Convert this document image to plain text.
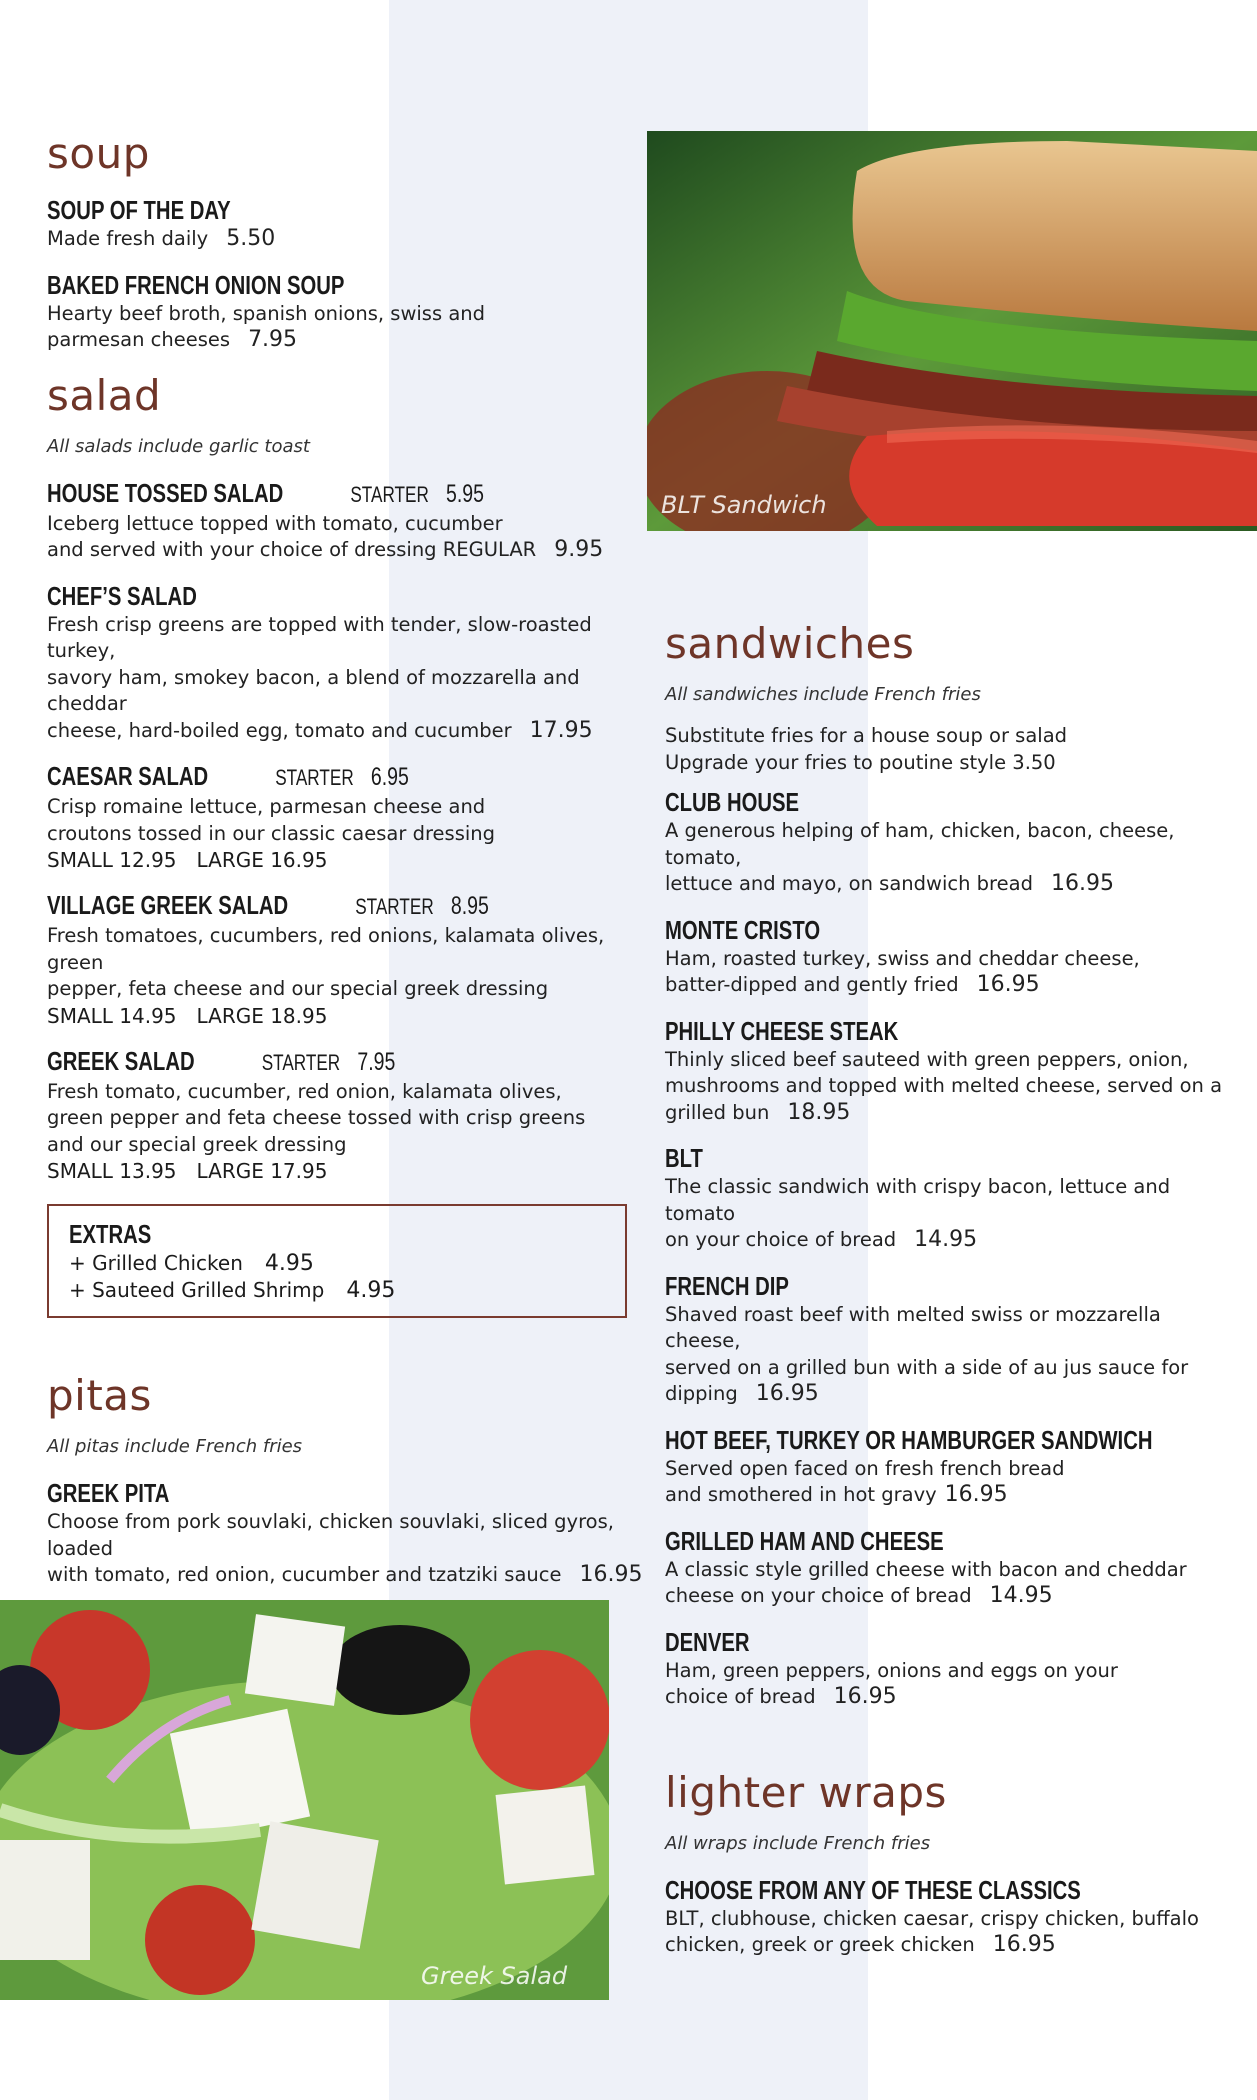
BLT Sandwich
Greek Salad
soup
SOUP OF THE DAY
Made fresh daily 5.50
BAKED FRENCH ONION SOUP
Hearty beef broth, spanish onions, swiss and
parmesan cheeses 7.95
salad
All salads include garlic toast
HOUSE TOSSED SALAD	STARTER 5.95
Iceberg lettuce topped with tomato, cucumber
and served with your choice of dressing REGULAR 9.95
CHEF’S SALAD
Fresh crisp greens are topped with tender, slow-roasted turkey,
savory ham, smokey bacon, a blend of mozzarella and cheddar
cheese, hard-boiled egg, tomato and cucumber 17.95
CAESAR SALAD	STARTER 6.95
Crisp romaine lettuce, parmesan cheese and
croutons tossed in our classic caesar dressing
SMALL 12.95 LARGE 16.95
VILLAGE GREEK SALAD	STARTER 8.95
Fresh tomatoes, cucumbers, red onions, kalamata olives, green
pepper, feta cheese and our special greek dressing
SMALL 14.95 LARGE 18.95
GREEK SALAD	STARTER 7.95
Fresh tomato, cucumber, red onion, kalamata olives,
green pepper and feta cheese tossed with crisp greens
and our special greek dressing
SMALL 13.95 LARGE 17.95
EXTRAS
+ Grilled Chicken 4.95
+ Sauteed Grilled Shrimp 4.95
pitas
All pitas include French fries
GREEK PITA
Choose from pork souvlaki, chicken souvlaki, sliced gyros, loaded
with tomato, red onion, cucumber and tzatziki sauce 16.95
sandwiches
All sandwiches include French fries
Substitute fries for a house soup or salad
Upgrade your fries to poutine style 3.50
CLUB HOUSE
A generous helping of ham, chicken, bacon, cheese, tomato,
lettuce and mayo, on sandwich bread 16.95
MONTE CRISTO
Ham, roasted turkey, swiss and cheddar cheese,
batter-dipped and gently fried 16.95
PHILLY CHEESE STEAK
Thinly sliced beef sauteed with green peppers, onion,
mushrooms and topped with melted cheese, served on a
grilled bun 18.95
BLT
The classic sandwich with crispy bacon, lettuce and tomato
on your choice of bread 14.95
FRENCH DIP
Shaved roast beef with melted swiss or mozzarella cheese,
served on a grilled bun with a side of au jus sauce for
dipping 16.95
HOT BEEF, TURKEY OR HAMBURGER SANDWICH
Served open faced on fresh french bread
and smothered in hot gravy 16.95
GRILLED HAM AND CHEESE
A classic style grilled cheese with bacon and cheddar
cheese on your choice of bread 14.95
DENVER
Ham, green peppers, onions and eggs on your
choice of bread 16.95
lighter wraps
All wraps include French fries
CHOOSE FROM ANY OF THESE CLASSICS
BLT, clubhouse, chicken caesar, crispy chicken, buffalo
chicken, greek or greek chicken 16.95
